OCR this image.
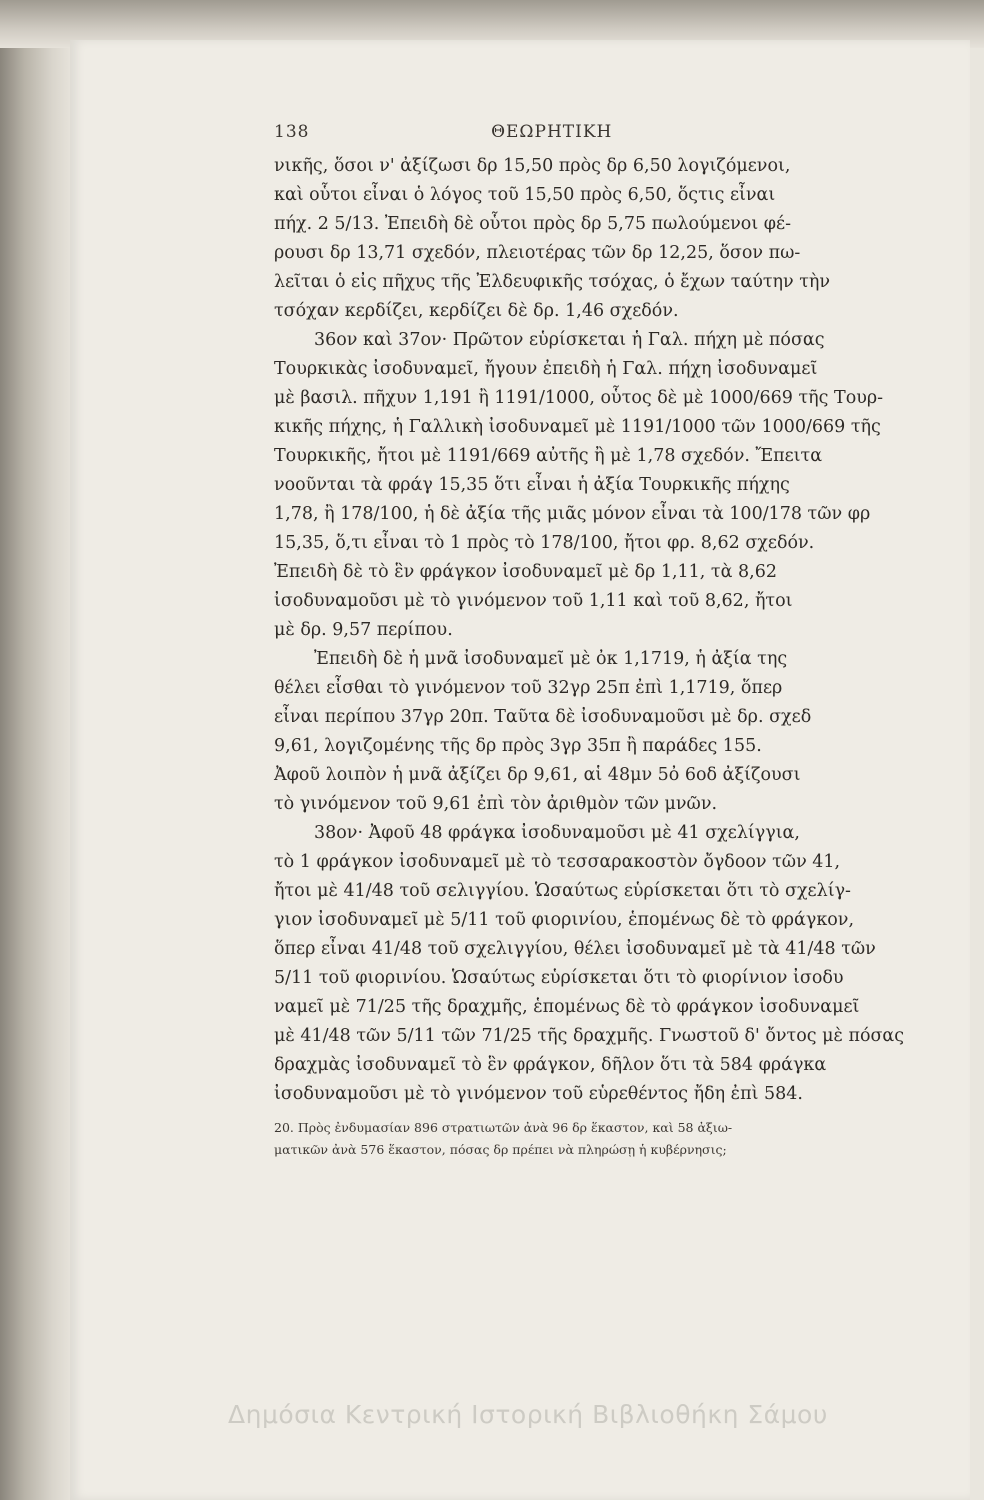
138	ΘΕΩΡΗΤΙΚΗ
νικῆς, ὅσοι ν' ἀξίζωσι δρ 15,50 πρὸς δρ 6,50 λογιζόμενοι,
καὶ οὗτοι εἶναι ὁ λόγος τοῦ 15,50 πρὸς 6,50, ὅςτις εἶναι
πήχ. 2 5/13. Ἐπειδὴ δὲ οὗτοι πρὸς δρ 5,75 πωλούμενοι φέ-
ρουσι δρ 13,71 σχεδόν, πλειοτέρας τῶν δρ 12,25, ὅσον πω-
λεῖται ὁ εἰς πῆχυς τῆς Ἐλδευφικῆς τσόχας, ὁ ἔχων ταύτην τὴν
τσόχαν κερδίζει, κερδίζει δὲ δρ. 1,46 σχεδόν.
36ον καὶ 37ον· Πρῶτον εὑρίσκεται ἡ Γαλ. πήχη μὲ πόσας
Τουρκικὰς ἰσοδυναμεῖ, ἤγουν ἐπειδὴ ἡ Γαλ. πήχη ἰσοδυναμεῖ
μὲ βασιλ. πῆχυν 1,191 ἢ 1191/1000, οὗτος δὲ μὲ 1000/669 τῆς Τουρ-
κικῆς πήχης, ἡ Γαλλικὴ ἰσοδυναμεῖ μὲ 1191/1000 τῶν 1000/669 τῆς
Τουρκικῆς, ἤτοι μὲ 1191/669 αὐτῆς ἢ μὲ 1,78 σχεδόν. Ἔπειτα
νοοῦνται τὰ φράγ 15,35 ὅτι εἶναι ἡ ἀξία Τουρκικῆς πήχης
1,78, ἢ 178/100, ἡ δὲ ἀξία τῆς μιᾶς μόνον εἶναι τὰ 100/178 τῶν φρ
15,35, ὅ,τι εἶναι τὸ 1 πρὸς τὸ 178/100, ἤτοι φρ. 8,62 σχεδόν.
Ἐπειδὴ δὲ τὸ ἓν φράγκον ἰσοδυναμεῖ μὲ δρ 1,11, τὰ 8,62
ἰσοδυναμοῦσι μὲ τὸ γινόμενον τοῦ 1,11 καὶ τοῦ 8,62, ἤτοι
μὲ δρ. 9,57 περίπου.
Ἐπειδὴ δὲ ἡ μνᾶ ἰσοδυναμεῖ μὲ ὀκ 1,1719, ἡ ἀξία της
θέλει εἶσθαι τὸ γινόμενον τοῦ 32γρ 25π ἐπὶ 1,1719, ὅπερ
εἶναι περίπου 37γρ 20π. Ταῦτα δὲ ἰσοδυναμοῦσι μὲ δρ. σχεδ
9,61, λογιζομένης τῆς δρ πρὸς 3γρ 35π ἢ παράδες 155.
Ἀφοῦ λοιπὸν ἡ μνᾶ ἀξίζει δρ 9,61, αἱ 48μν 5ὀ 6οδ ἀξίζουσι
τὸ γινόμενον τοῦ 9,61 ἐπὶ τὸν ἀριθμὸν τῶν μνῶν.
38ον· Ἀφοῦ 48 φράγκα ἰσοδυναμοῦσι μὲ 41 σχελίγγια,
τὸ 1 φράγκον ἰσοδυναμεῖ μὲ τὸ τεσσαρακοστὸν ὄγδοον τῶν 41,
ἤτοι μὲ 41/48 τοῦ σελιγγίου. Ὡσαύτως εὑρίσκεται ὅτι τὸ σχελίγ-
γιον ἰσοδυναμεῖ μὲ 5/11 τοῦ φιορινίου, ἑπομένως δὲ τὸ φράγκον,
ὅπερ εἶναι 41/48 τοῦ σχελιγγίου, θέλει ἰσοδυναμεῖ μὲ τὰ 41/48 τῶν
5/11 τοῦ φιορινίου. Ὡσαύτως εὑρίσκεται ὅτι τὸ φιορίνιον ἰσοδυ
ναμεῖ μὲ 71/25 τῆς δραχμῆς, ἑπομένως δὲ τὸ φράγκον ἰσοδυναμεῖ
μὲ 41/48 τῶν 5/11 τῶν 71/25 τῆς δραχμῆς. Γνωστοῦ δ' ὄντος μὲ πόσας
δραχμὰς ἰσοδυναμεῖ τὸ ἓν φράγκον, δῆλον ὅτι τὰ 584 φράγκα
ἰσοδυναμοῦσι μὲ τὸ γινόμενον τοῦ εὑρεθέντος ἤδη ἐπὶ 584.
20. Πρὸς ἐνδυμασίαν 896 στρατιωτῶν ἀνὰ 96 δρ ἕκαστον, καὶ 58 ἀξιω-
ματικῶν ἀνὰ 576 ἕκαστον, πόσας δρ πρέπει νὰ πληρώσῃ ἡ κυβέρνησις;
Δημόσια Κεντρική Ιστορική Βιβλιοθήκη Σάμου
